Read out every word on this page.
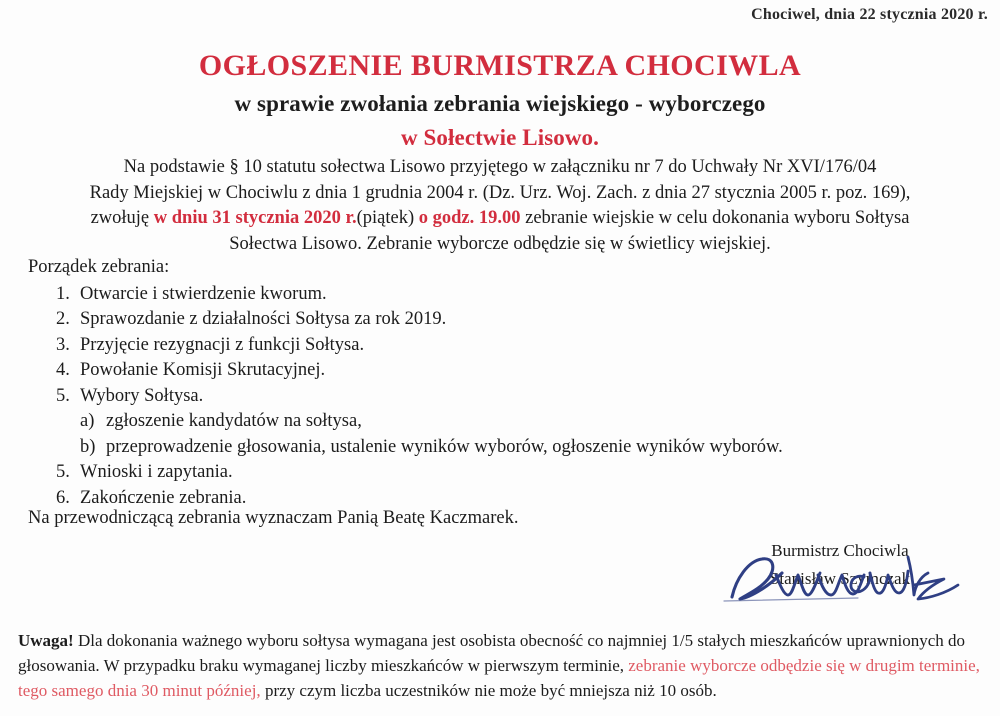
Chociwel, dnia 22 stycznia 2020 r.
OGŁOSZENIE BURMISTRZA CHOCIWLA
w sprawie zwołania zebrania wiejskiego - wyborczego
w Sołectwie Lisowo.
Na podstawie § 10 statutu sołectwa Lisowo przyjętego w załączniku nr 7 do Uchwały Nr XVI/176/04
Rady Miejskiej w Chociwlu z dnia 1 grudnia 2004 r. (Dz. Urz. Woj. Zach. z dnia 27 stycznia 2005 r. poz. 169),
zwołuję w dniu 31 stycznia 2020 r.(piątek) o godz. 19.00 zebranie wiejskie w celu dokonania wyboru Sołtysa
Sołectwa Lisowo. Zebranie wyborcze odbędzie się w świetlicy wiejskiej.
Porządek zebrania:
1. Otwarcie i stwierdzenie kworum.
2. Sprawozdanie z działalności Sołtysa za rok 2019.
3. Przyjęcie rezygnacji z funkcji Sołtysa.
4. Powołanie Komisji Skrutacyjnej.
5. Wybory Sołtysa.
a) zgłoszenie kandydatów na sołtysa,
b) przeprowadzenie głosowania, ustalenie wyników wyborów, ogłoszenie wyników wyborów.
5. Wnioski i zapytania.
6. Zakończenie zebrania.
Na przewodniczącą zebrania wyznaczam Panią Beatę Kaczmarek.
Burmistrz Chociwla
Stanisław Szymczak
Uwaga! Dla dokonania ważnego wyboru sołtysa wymagana jest osobista obecność co najmniej 1/5 stałych mieszkańców uprawnionych do głosowania. W przypadku braku wymaganej liczby mieszkańców w pierwszym terminie, zebranie wyborcze odbędzie się w drugim terminie, tego samego dnia 30 minut później, przy czym liczba uczestników nie może być mniejsza niż 10 osób.
